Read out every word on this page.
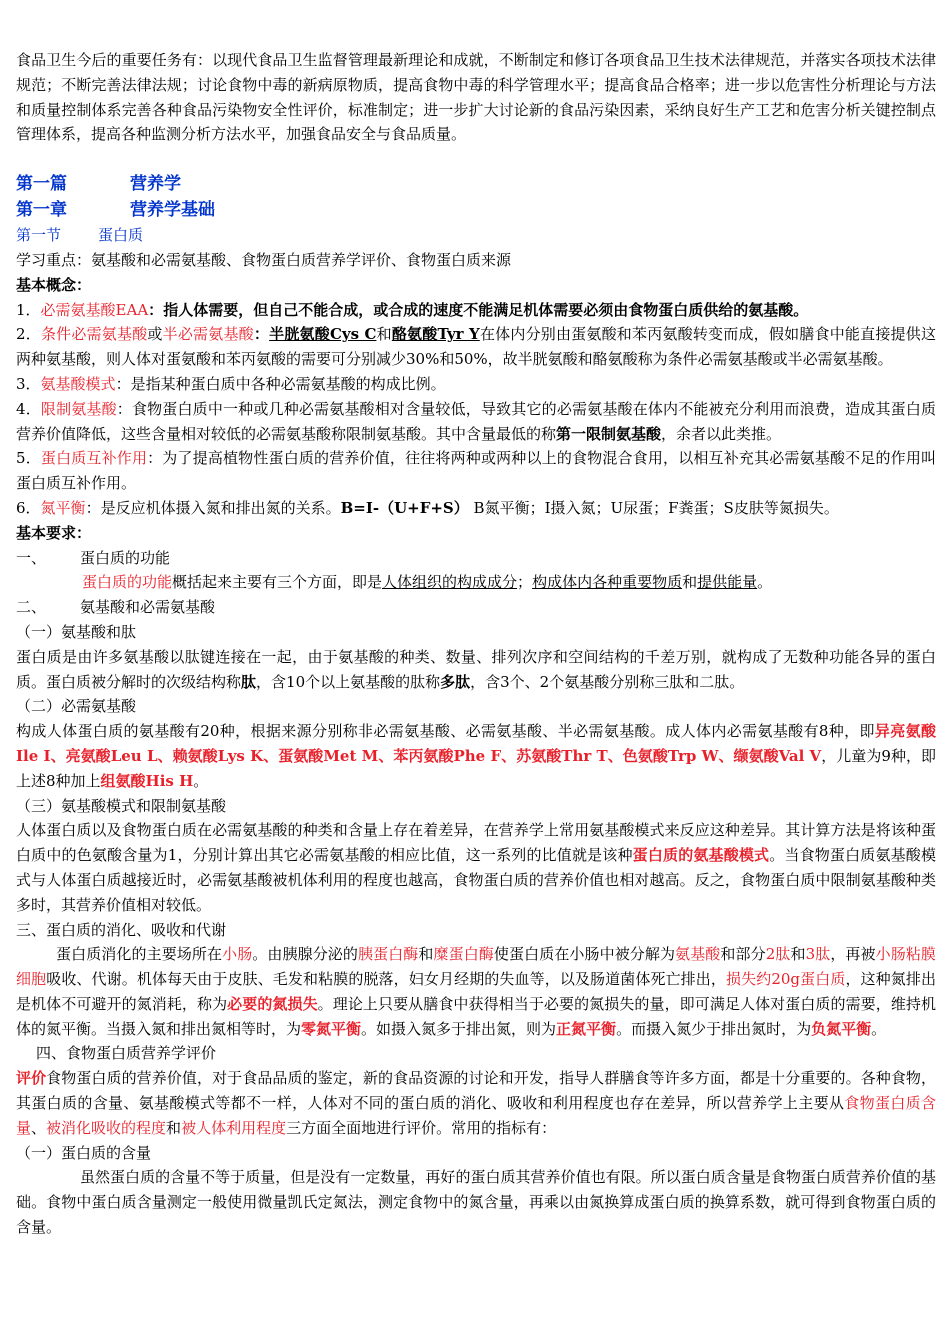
食品卫生今后的重要任务有：以现代食品卫生监督管理最新理论和成就，不断制定和修订各项食品卫生技术法律规范，并落实各项技术法律规范；不断完善法律法规；讨论食物中毒的新病原物质，提高食物中毒的科学管理水平；提高食品合格率；进一步以危害性分析理论与方法和质量控制体系完善各种食品污染物安全性评价，标准制定；进一步扩大讨论新的食品污染因素，采纳良好生产工艺和危害分析关键控制点管理体系，提高各种监测分析方法水平，加强食品安全与食品质量。

第一篇	营养学

第一章	营养学基础

第一节 蛋白质

学习重点：氨基酸和必需氨基酸、食物蛋白质营养学评价、食物蛋白质来源

基本概念：

1．必需氨基酸EAA：指人体需要，但自己不能合成，或合成的速度不能满足机体需要必须由食物蛋白质供给的氨基酸。

2．条件必需氨基酸或半必需氨基酸：半胱氨酸Cys C和酪氨酸Tyr Y在体内分别由蛋氨酸和苯丙氨酸转变而成，假如膳食中能直接提供这两种氨基酸，则人体对蛋氨酸和苯丙氨酸的需要可分别减少30%和50%，故半胱氨酸和酪氨酸称为条件必需氨基酸或半必需氨基酸。

3．氨基酸模式：是指某种蛋白质中各种必需氨基酸的构成比例。

4．限制氨基酸：食物蛋白质中一种或几种必需氨基酸相对含量较低，导致其它的必需氨基酸在体内不能被充分利用而浪费，造成其蛋白质营养价值降低，这些含量相对较低的必需氨基酸称限制氨基酸。其中含量最低的称第一限制氨基酸，余者以此类推。

5．蛋白质互补作用：为了提高植物性蛋白质的营养价值，往往将两种或两种以上的食物混合食用，以相互补充其必需氨基酸不足的作用叫蛋白质互补作用。

6．氮平衡：是反应机体摄入氮和排出氮的关系。B=I-（U+F+S） B氮平衡；I摄入氮；U尿蛋；F粪蛋；S皮肤等氮损失。

基本要求：

一、 蛋白质的功能

蛋白质的功能概括起来主要有三个方面，即是人体组织的构成成分；构成体内各种重要物质和提供能量。

二、 氨基酸和必需氨基酸

（一）氨基酸和肽

蛋白质是由许多氨基酸以肽键连接在一起，由于氨基酸的种类、数量、排列次序和空间结构的千差万别，就构成了无数种功能各异的蛋白质。蛋白质被分解时的次级结构称肽，含10个以上氨基酸的肽称多肽，含3个、2个氨基酸分别称三肽和二肽。

（二）必需氨基酸

构成人体蛋白质的氨基酸有20种，根据来源分别称非必需氨基酸、必需氨基酸、半必需氨基酸。成人体内必需氨基酸有8种，即异亮氨酸Ile I、亮氨酸Leu L、赖氨酸Lys K、蛋氨酸Met M、苯丙氨酸Phe F、苏氨酸Thr T、色氨酸Trp W、缬氨酸Val V，儿童为9种，即上述8种加上组氨酸His H。

（三）氨基酸模式和限制氨基酸

人体蛋白质以及食物蛋白质在必需氨基酸的种类和含量上存在着差异，在营养学上常用氨基酸模式来反应这种差异。其计算方法是将该种蛋白质中的色氨酸含量为1，分别计算出其它必需氨基酸的相应比值，这一系列的比值就是该种蛋白质的氨基酸模式。当食物蛋白质氨基酸模式与人体蛋白质越接近时，必需氨基酸被机体利用的程度也越高，食物蛋白质的营养价值也相对越高。反之，食物蛋白质中限制氨基酸种类多时，其营养价值相对较低。

三、蛋白质的消化、吸收和代谢

蛋白质消化的主要场所在小肠。由胰腺分泌的胰蛋白酶和糜蛋白酶使蛋白质在小肠中被分解为氨基酸和部分2肽和3肽，再被小肠粘膜细胞吸收、代谢。机体每天由于皮肤、毛发和粘膜的脱落，妇女月经期的失血等，以及肠道菌体死亡排出，损失约20g蛋白质，这种氮排出是机体不可避开的氮消耗，称为必要的氮损失。理论上只要从膳食中获得相当于必要的氮损失的量，即可满足人体对蛋白质的需要，维持机体的氮平衡。当摄入氮和排出氮相等时，为零氮平衡。如摄入氮多于排出氮，则为正氮平衡。而摄入氮少于排出氮时，为负氮平衡。

四、食物蛋白质营养学评价

评价食物蛋白质的营养价值，对于食品品质的鉴定，新的食品资源的讨论和开发，指导人群膳食等许多方面，都是十分重要的。各种食物，其蛋白质的含量、氨基酸模式等都不一样，人体对不同的蛋白质的消化、吸收和利用程度也存在差异，所以营养学上主要从食物蛋白质含量、被消化吸收的程度和被人体利用程度三方面全面地进行评价。常用的指标有：

（一）蛋白质的含量

虽然蛋白质的含量不等于质量，但是没有一定数量，再好的蛋白质其营养价值也有限。所以蛋白质含量是食物蛋白质营养价值的基础。食物中蛋白质含量测定一般使用微量凯氏定氮法，测定食物中的氮含量，再乘以由氮换算成蛋白质的换算系数，就可得到食物蛋白质的含量。
